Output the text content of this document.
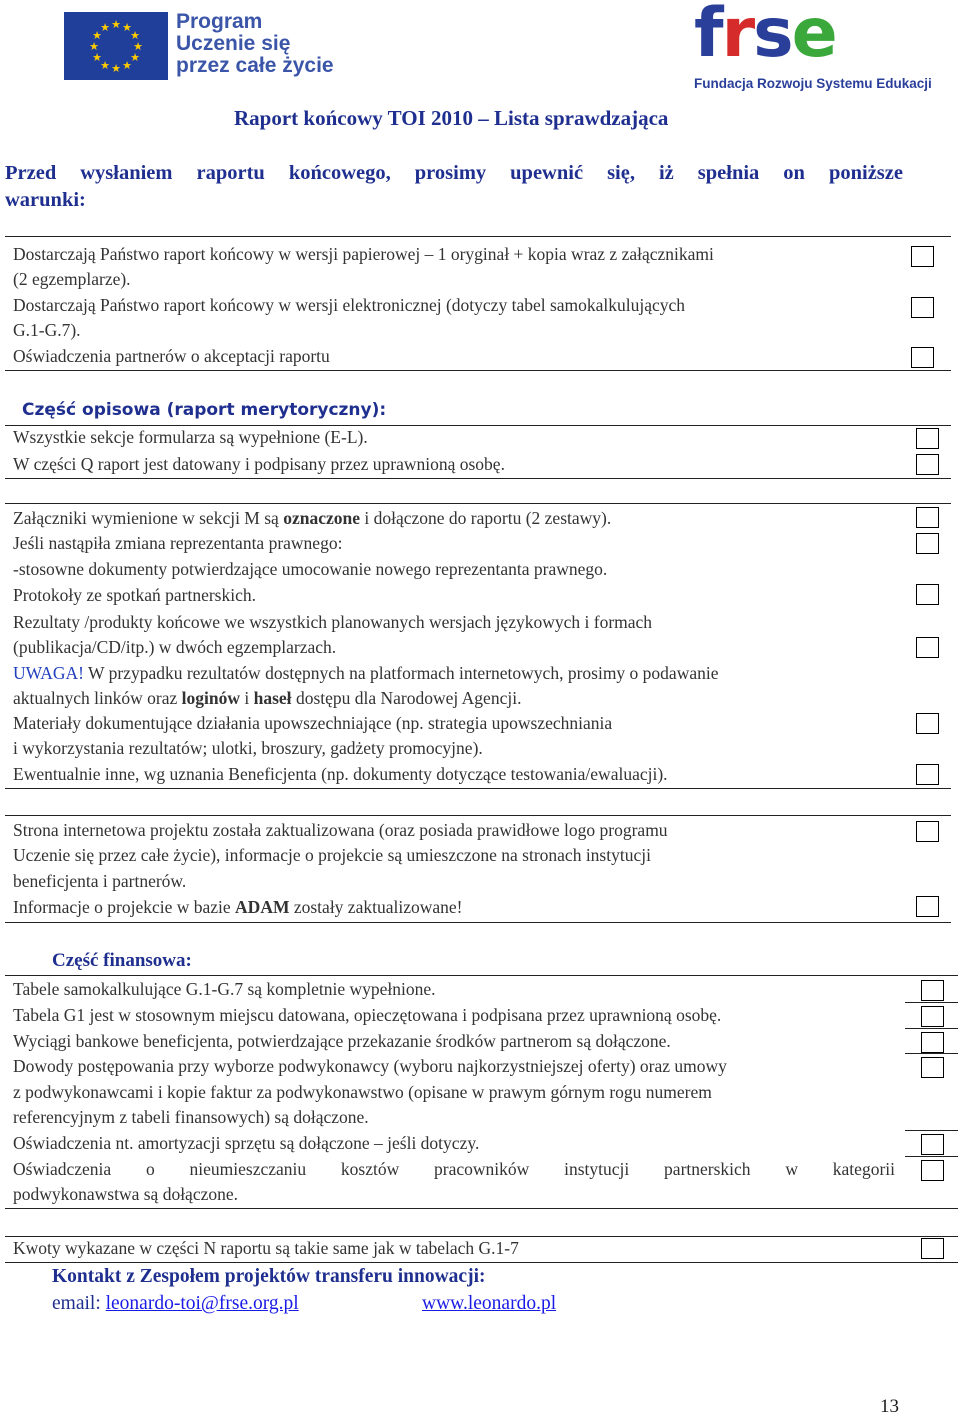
★ ★
★
★
★
★
★
★
★
★
★
★	Program
Uczenie się
przez całe życie	frse
Fundacja Rozwoju Systemu Edukacji
Raport końcowy TOI 2010 – Lista sprawdzająca
Przed wysłaniem raportu końcowego, prosimy upewnić się, iż spełnia on poniższe
warunki:
Dostarczają Państwo raport końcowy w wersji papierowej – 1 oryginał + kopia wraz z załącznikami
(2 egzemplarze).
Dostarczają Państwo raport końcowy w wersji elektronicznej (dotyczy tabel samokalkulujących
G.1-G.7).
Oświadczenia partnerów o akceptacji raportu
Część opisowa (raport merytoryczny):
Wszystkie sekcje formularza są wypełnione (E-L).
W części Q raport jest datowany i podpisany przez uprawnioną osobę.
Załączniki wymienione w sekcji M są oznaczone i dołączone do raportu (2 zestawy).
Jeśli nastąpiła zmiana reprezentanta prawnego:
-stosowne dokumenty potwierdzające umocowanie nowego reprezentanta prawnego.
Protokoły ze spotkań partnerskich.
Rezultaty /produkty końcowe we wszystkich planowanych wersjach językowych i formach
(publikacja/CD/itp.) w dwóch egzemplarzach.
UWAGA! W przypadku rezultatów dostępnych na platformach internetowych, prosimy o podawanie
aktualnych linków oraz loginów i haseł dostępu dla Narodowej Agencji.
Materiały dokumentujące działania upowszechniające (np. strategia upowszechniania
i wykorzystania rezultatów; ulotki, broszury, gadżety promocyjne).
Ewentualnie inne, wg uznania Beneficjenta (np. dokumenty dotyczące testowania/ewaluacji).
Strona internetowa projektu została zaktualizowana (oraz posiada prawidłowe logo programu
Uczenie się przez całe życie), informacje o projekcie są umieszczone na stronach instytucji
beneficjenta i partnerów.
Informacje o projekcie w bazie ADAM zostały zaktualizowane!
Część finansowa:
Tabele samokalkulujące G.1-G.7 są kompletnie wypełnione.
Tabela G1 jest w stosownym miejscu datowana, opieczętowana i podpisana przez uprawnioną osobę.
Wyciągi bankowe beneficjenta, potwierdzające przekazanie środków partnerom są dołączone.
Dowody postępowania przy wyborze podwykonawcy (wyboru najkorzystniejszej oferty) oraz umowy
z podwykonawcami i kopie faktur za podwykonawstwo (opisane w prawym górnym rogu numerem
referencyjnym z tabeli finansowych) są dołączone.
Oświadczenia nt. amortyzacji sprzętu są dołączone – jeśli dotyczy.
Oświadczenia o nieumieszczaniu kosztów pracowników instytucji partnerskich w kategorii
podwykonawstwa są dołączone.
Kwoty wykazane w części N raportu są takie same jak w tabelach G.1-7
Kontakt z Zespołem projektów transferu innowacji:
email: leonardo-toi@frse.org.pl	www.leonardo.pl
13
